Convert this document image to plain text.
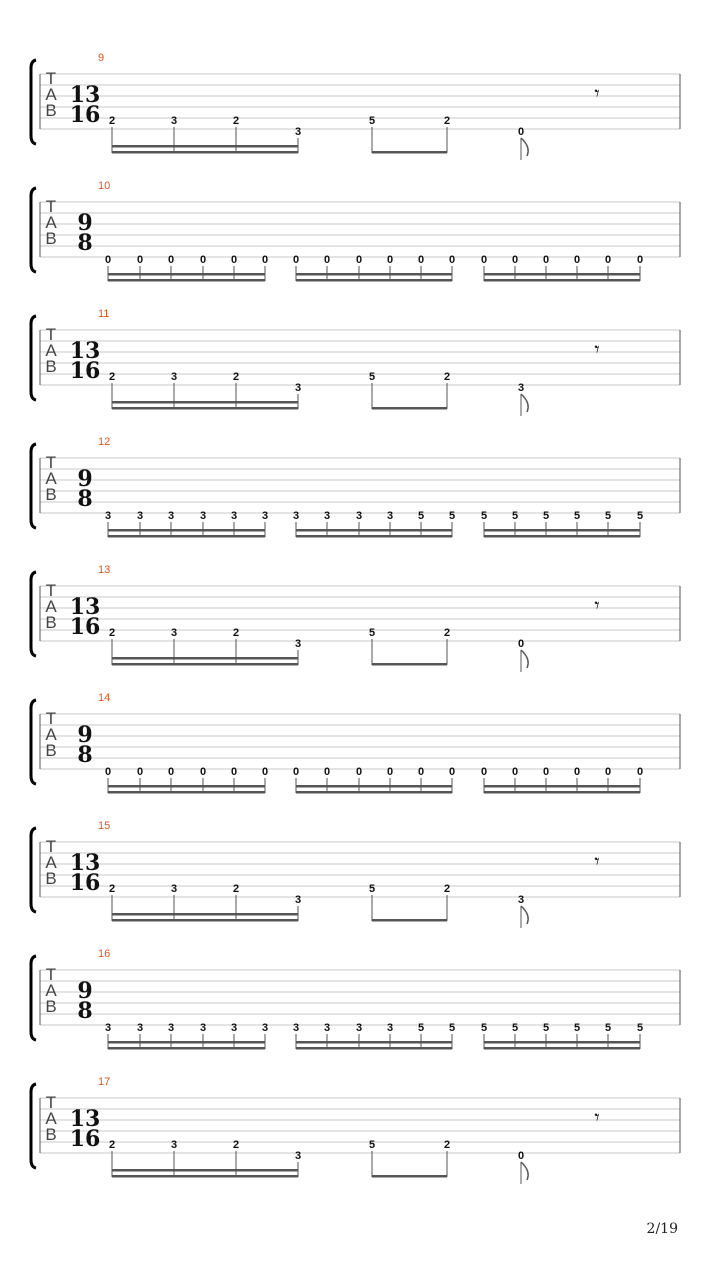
9
T
A
B
13
16
𝄾
2	3	2
3
5	2
0
10
T
A
B
9
8
0 0 0 0 0 0 0 0 0 0 0 0 0 0 0 0 0 0
11
T
A
B
13
16
𝄾
2	3	2
3
5	2
3
12
T
A
B
9
8
3 3 3 3 3 3 3 3 3 3 5 5 5 5 5 5 5 5
13
T
A
B
13
16
𝄾
2	3	2
3
5	2
0
14
T
A
B
9
8
0 0 0 0 0 0 0 0 0 0 0 0 0 0 0 0 0 0
15
T
A
B
13
16
𝄾
2	3	2
3
5	2
3
16
T
A
B
9
8
3 3 3 3 3 3 3 3 3 3 5 5 5 5 5 5 5 5
17
T
A
B
13
16
𝄾
2	3	2
3
5	2
0
2/19
